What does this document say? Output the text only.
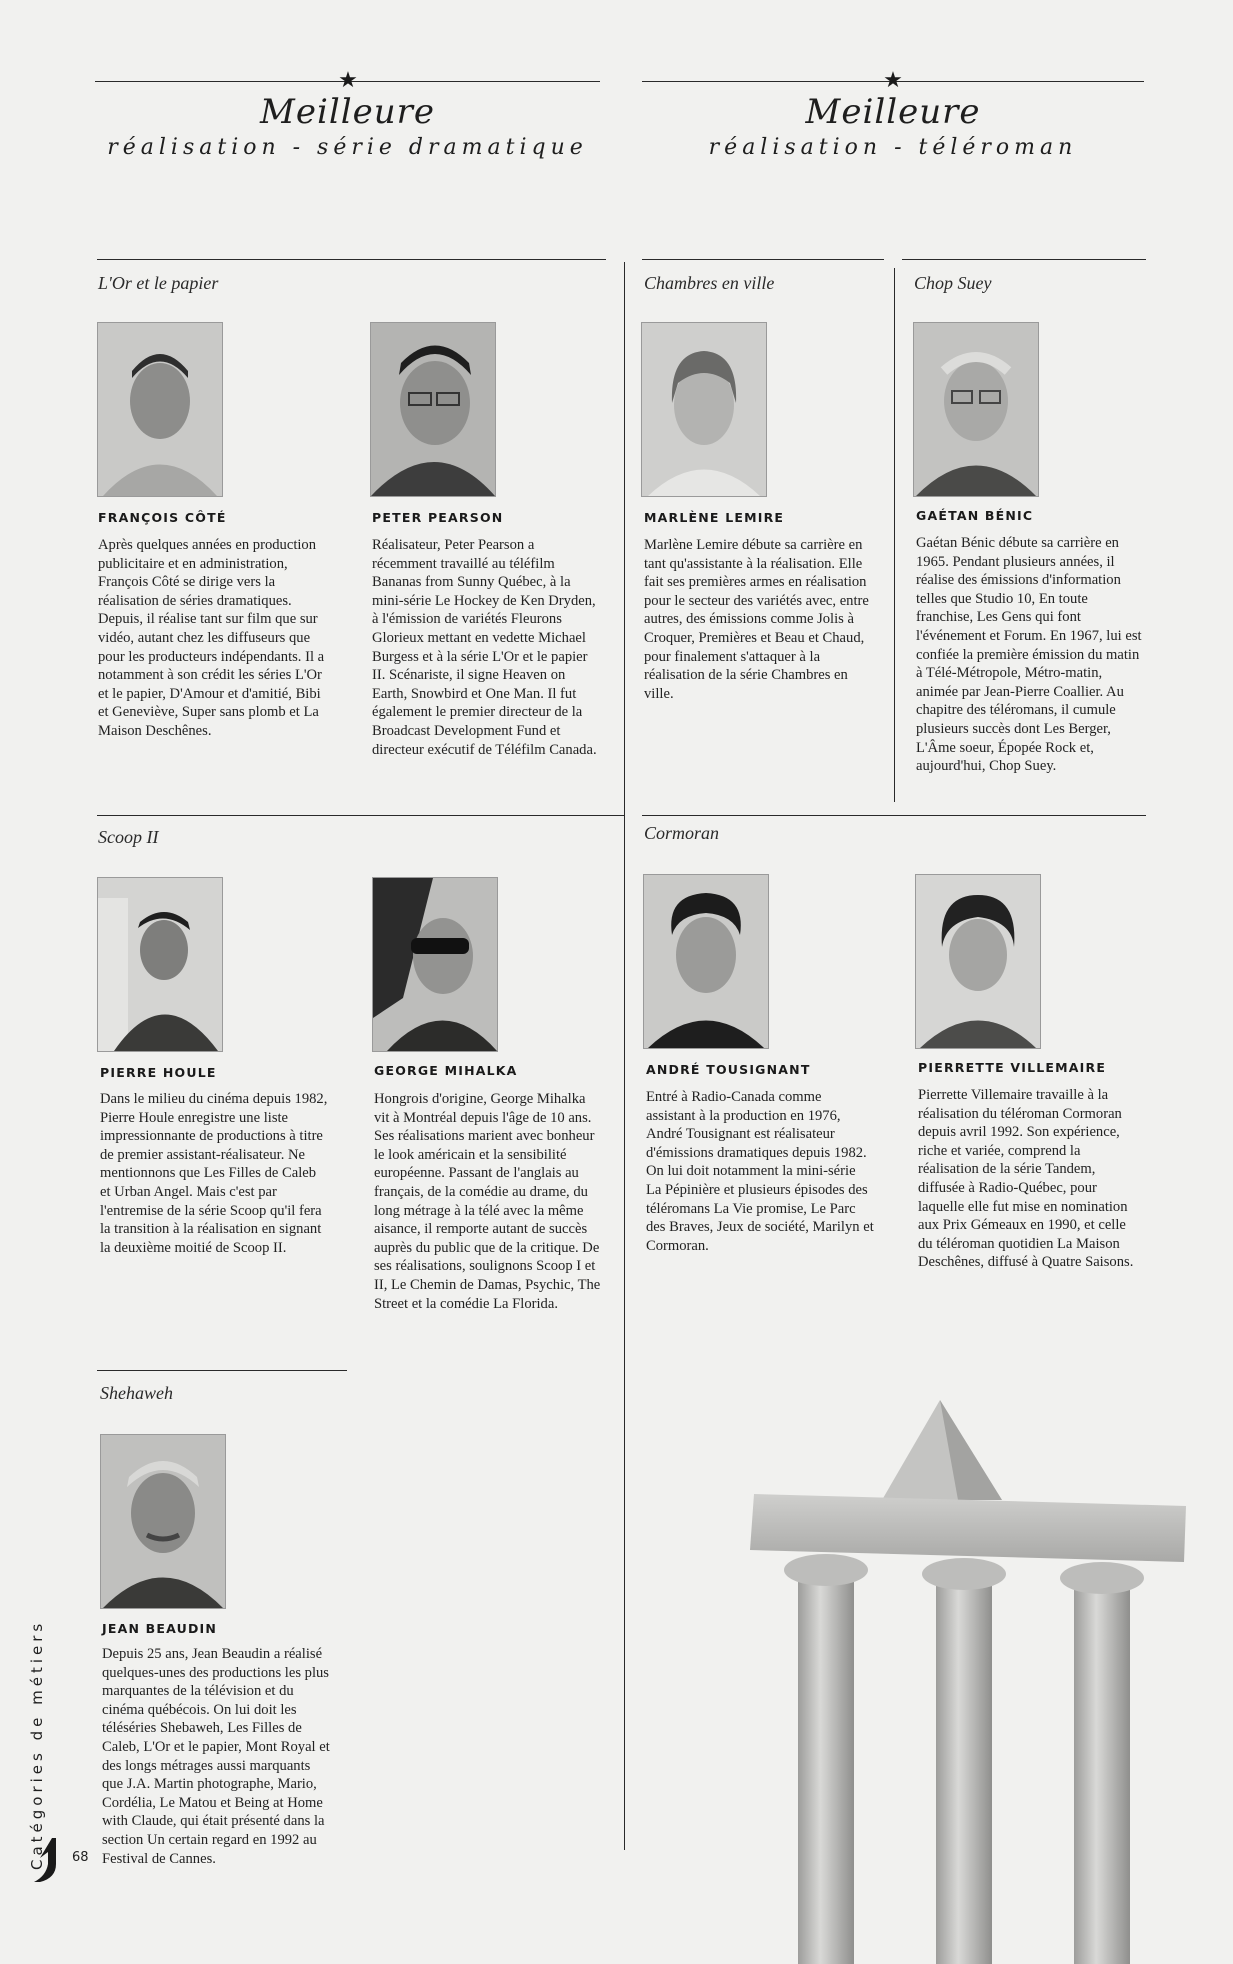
★
Meilleure
réalisation - série dramatique
★
Meilleure
réalisation - téléroman
L'Or et le papier	Chambres en ville	Chop Suey
Scoop II	Cormoran
Shehaweh
FRANÇOIS CÔTÉ	PETER PEARSON	MARLÈNE LEMIRE	GAÉTAN BÉNIC
PIERRE HOULE	GEORGE MIHALKA	ANDRÉ TOUSIGNANT	PIERRETTE VILLEMAIRE
JEAN BEAUDIN
Après quelques années en production publicitaire et en administration, François Côté se dirige vers la réalisation de séries dramatiques. Depuis, il réalise tant sur film que sur vidéo, autant chez les diffuseurs que pour les producteurs indépendants. Il a notamment à son crédit les séries L'Or et le papier, D'Amour et d'amitié, Bibi et Geneviève, Super sans plomb et La Maison Deschênes.
Réalisateur, Peter Pearson a récemment travaillé au téléfilm Bananas from Sunny Québec, à la mini-série Le Hockey de Ken Dryden, à l'émission de variétés Fleurons Glorieux mettant en vedette Michael Burgess et à la série L'Or et le papier II. Scénariste, il signe Heaven on Earth, Snowbird et One Man. Il fut également le premier directeur de la Broadcast Development Fund et directeur exécutif de Téléfilm Canada.
Marlène Lemire débute sa carrière en tant qu'assistante à la réalisation. Elle fait ses premières armes en réalisation pour le secteur des variétés avec, entre autres, des émissions comme Jolis à Croquer, Premières et Beau et Chaud, pour finalement s'attaquer à la réalisation de la série Chambres en ville.
Gaétan Bénic débute sa carrière en 1965. Pendant plusieurs années, il réalise des émissions d'information telles que Studio 10, En toute franchise, Les Gens qui font l'événement et Forum. En 1967, lui est confiée la première émission du matin à Télé-Métropole, Métro-matin, animée par Jean-Pierre Coallier. Au chapitre des téléromans, il cumule plusieurs succès dont Les Berger, L'Âme soeur, Épopée Rock et, aujourd'hui, Chop Suey.
Dans le milieu du cinéma depuis 1982, Pierre Houle enregistre une liste impressionnante de productions à titre de premier assistant-réalisateur. Ne mentionnons que Les Filles de Caleb et Urban Angel. Mais c'est par l'entremise de la série Scoop qu'il fera la transition à la réalisation en signant la deuxième moitié de Scoop II.
Hongrois d'origine, George Mihalka vit à Montréal depuis l'âge de 10 ans. Ses réalisations marient avec bonheur le look américain et la sensibilité européenne. Passant de l'anglais au français, de la comédie au drame, du long métrage à la télé avec la même aisance, il remporte autant de succès auprès du public que de la critique. De ses réalisations, soulignons Scoop I et II, Le Chemin de Damas, Psychic, The Street et la comédie La Florida.
Entré à Radio-Canada comme assistant à la production en 1976, André Tousignant est réalisateur d'émissions dramatiques depuis 1982. On lui doit notamment la mini-série La Pépinière et plusieurs épisodes des téléromans La Vie promise, Le Parc des Braves, Jeux de société, Marilyn et Cormoran.
Pierrette Villemaire travaille à la réalisation du téléroman Cormoran depuis avril 1992. Son expérience, riche et variée, comprend la réalisation de la série Tandem, diffusée à Radio-Québec, pour laquelle elle fut mise en nomination aux Prix Gémeaux en 1990, et celle du téléroman quotidien La Maison Deschênes, diffusé à Quatre Saisons.
Depuis 25 ans, Jean Beaudin a réalisé quelques-unes des productions les plus marquantes de la télévision et du cinéma québécois. On lui doit les téléséries Shebaweh, Les Filles de Caleb, L'Or et le papier, Mont Royal et des longs métrages aussi marquants que J.A. Martin photographe, Mario, Cordélia, Le Matou et Being at Home with Claude, qui était présenté dans la section Un certain regard en 1992 au Festival de Cannes.
Catégories de métiers 68
